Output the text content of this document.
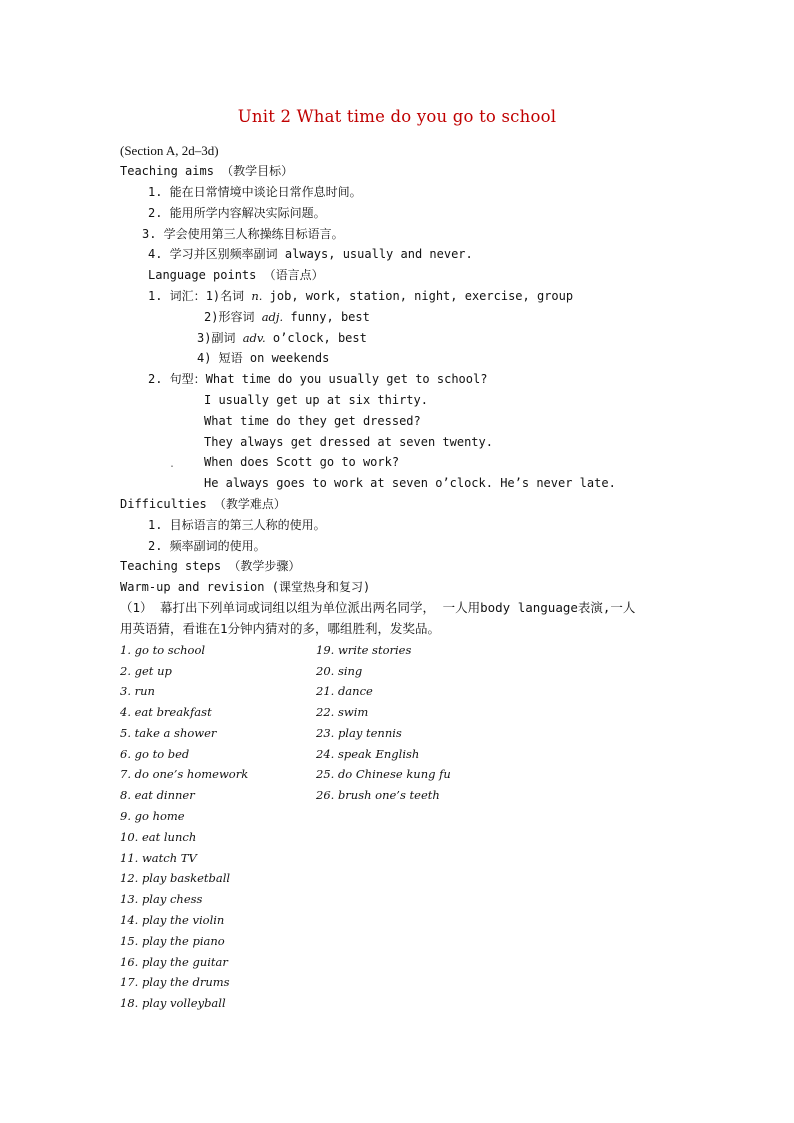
Unit 2 What time do you go to school
(Section A, 2d–3d)
Teaching aims （教学目标）
1. 能在日常情境中谈论日常作息时间。
2. 能用所学内容解决实际问题。
3. 学会使用第三人称操练目标语言。
4. 学习并区别频率副词 always, usually and never.
Language points （语言点）
1. 词汇：1)名词 n. job, work, station, night, exercise, group
2)形容词 adj. funny, best
3)副词 adv. o’clock, best
4) 短语 on weekends
2. 句型：What time do you usually get to school?
I usually get up at six thirty.
What time do they get dressed?
They always get dressed at seven twenty.
. When does Scott go to work?
He always goes to work at seven o’clock. He’s never late.
Difficulties （教学难点）
1. 目标语言的第三人称的使用。
2. 频率副词的使用。
Teaching steps （教学步骤）
Warm-up and revision (课堂热身和复习)
（1） 幕打出下列单词或词组以组为单位派出两名同学， 一人用body language表演,一人
用英语猜，看谁在1分钟内猜对的多，哪组胜利，发奖品。
1. go to school
2. get up
3. run
4. eat breakfast
5. take a shower
6. go to bed
7. do one’s homework
8. eat dinner
9. go home
10. eat lunch
11. watch TV
12. play basketball
13. play chess
14. play the violin
15. play the piano
16. play the guitar
17. play the drums
18. play volleyball
19. write stories
20. sing
21. dance
22. swim
23. play tennis
24. speak English
25. do Chinese kung fu
26. brush one’s teeth
